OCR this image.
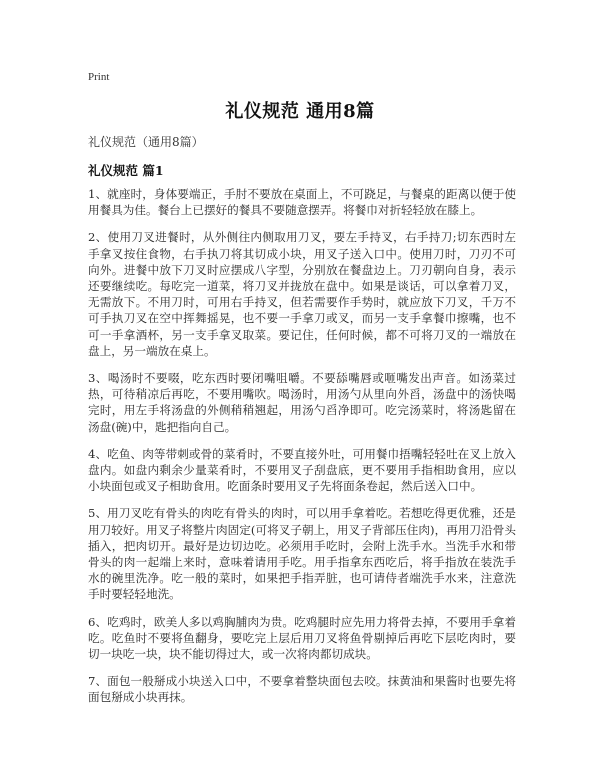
Print
礼仪规范 通用8篇
礼仪规范（通用8篇）
礼仪规范 篇1

1、就座时，身体要端正，手肘不要放在桌面上，不可跷足，与餐桌的距离以便于使用餐具为佳。餐台上已摆好的餐具不要随意摆弄。将餐巾对折轻轻放在膝上。

2、使用刀叉进餐时，从外侧往内侧取用刀叉，要左手持叉，右手持刀;切东西时左手拿叉按住食物，右手执刀将其切成小块，用叉子送入口中。使用刀时，刀刃不可向外。进餐中放下刀叉时应摆成八字型，分别放在餐盘边上。刀刃朝向自身，表示还要继续吃。每吃完一道菜，将刀叉并拢放在盘中。如果是谈话，可以拿着刀叉，无需放下。不用刀时，可用右手持叉，但若需要作手势时，就应放下刀叉，千万不可手执刀叉在空中挥舞摇晃，也不要一手拿刀或叉，而另一支手拿餐巾擦嘴，也不可一手拿酒杯，另一支手拿叉取菜。要记住，任何时候，都不可将刀叉的一端放在盘上，另一端放在桌上。

3、喝汤时不要啜，吃东西时要闭嘴咀嚼。不要舔嘴唇或咂嘴发出声音。如汤菜过热，可待稍凉后再吃，不要用嘴吹。喝汤时，用汤勺从里向外舀，汤盘中的汤快喝完时，用左手将汤盘的外侧稍稍翘起，用汤勺舀净即可。吃完汤菜时，将汤匙留在汤盘(碗)中，匙把指向自己。

4、吃鱼、肉等带刺或骨的菜肴时，不要直接外吐，可用餐巾捂嘴轻轻吐在叉上放入盘内。如盘内剩余少量菜肴时，不要用叉子刮盘底，更不要用手指相助食用，应以小块面包或叉子相助食用。吃面条时要用叉子先将面条卷起，然后送入口中。

5、用刀叉吃有骨头的肉吃有骨头的肉时，可以用手拿着吃。若想吃得更优雅，还是用刀较好。用叉子将整片肉固定(可将叉子朝上，用叉子背部压住肉)，再用刀沿骨头插入，把肉切开。最好是边切边吃。必须用手吃时，会附上洗手水。当洗手水和带骨头的肉一起端上来时，意味着请用手吃。用手指拿东西吃后，将手指放在装洗手水的碗里洗净。吃一般的菜时，如果把手指弄脏，也可请侍者端洗手水来，注意洗手时要轻轻地洗。

6、吃鸡时，欧美人多以鸡胸脯肉为贵。吃鸡腿时应先用力将骨去掉，不要用手拿着吃。吃鱼时不要将鱼翻身，要吃完上层后用刀叉将鱼骨剔掉后再吃下层吃肉时，要切一块吃一块，块不能切得过大，或一次将肉都切成块。

7、面包一般掰成小块送入口中，不要拿着整块面包去咬。抹黄油和果酱时也要先将面包掰成小块再抹。
